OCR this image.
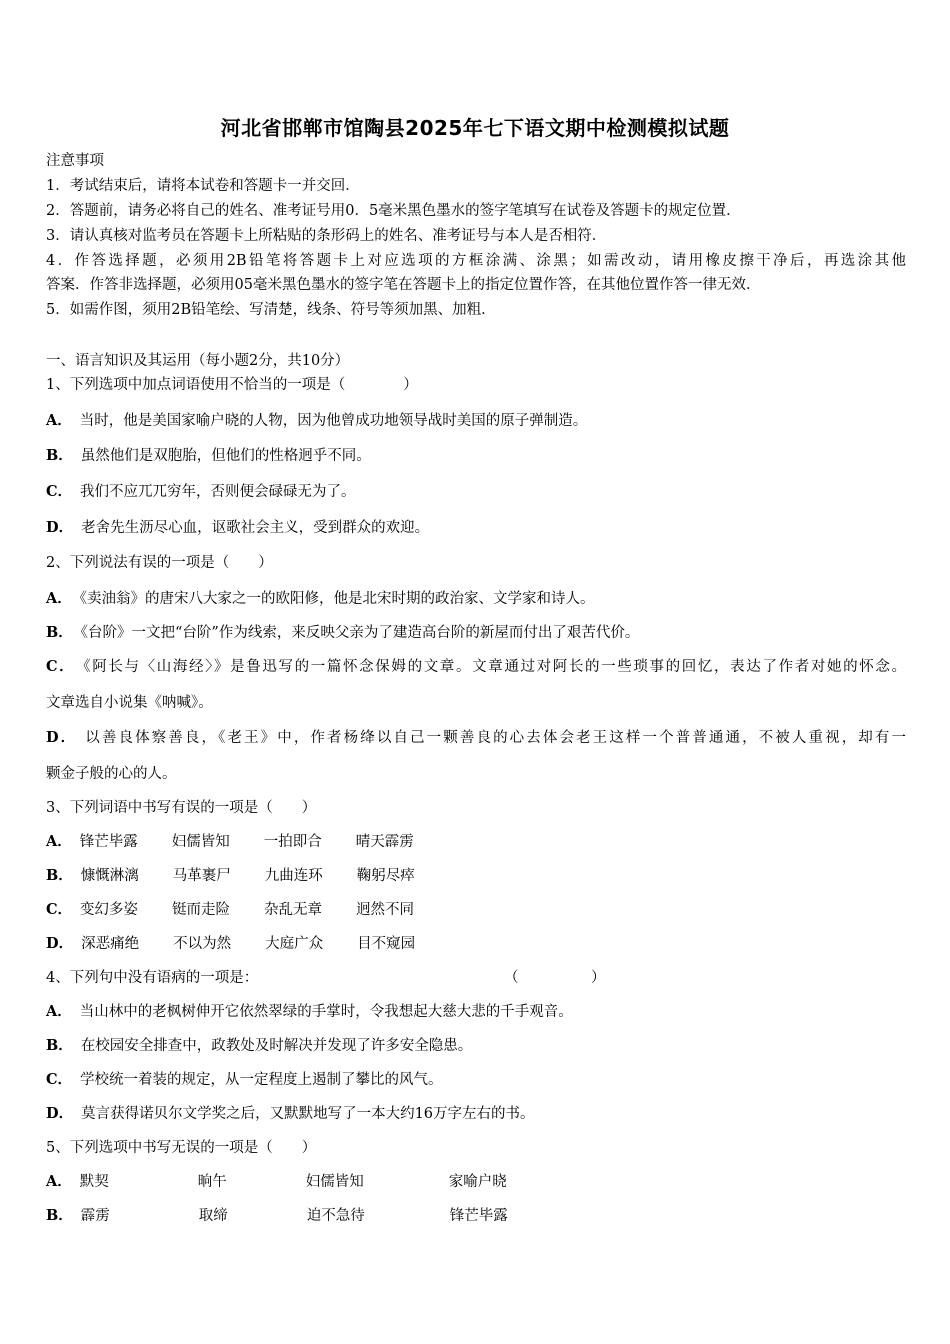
河北省邯郸市馆陶县2025年七下语文期中检测模拟试题
注意事项
1．考试结束后，请将本试卷和答题卡一并交回．
2．答题前，请务必将自己的姓名、准考证号用0．5毫米黑色墨水的签字笔填写在试卷及答题卡的规定位置．
3．请认真核对监考员在答题卡上所粘贴的条形码上的姓名、准考证号与本人是否相符．
4．作答选择题，必须用2B铅笔将答题卡上对应选项的方框涂满、涂黑；如需改动，请用橡皮擦干净后，再选涂其他
答案．作答非选择题，必须用05毫米黑色墨水的签字笔在答题卡上的指定位置作答，在其他位置作答一律无效．
5．如需作图，须用2B铅笔绘、写清楚，线条、符号等须加黑、加粗．
一、语言知识及其运用（每小题2分，共10分）
1、下列选项中加点词语使用不恰当的一项是（　　　　）
A． 当时，他是美国家喻户晓的人物，因为他曾成功地领导战时美国的原子弹制造。
B． 虽然他们是双胞胎，但他们的性格迥乎不同。
C． 我们不应兀兀穷年，否则便会碌碌无为了。
D． 老舍先生沥尽心血，讴歌社会主义，受到群众的欢迎。
2、下列说法有误的一项是（　　）
A． 《卖油翁》的唐宋八大家之一的欧阳修，他是北宋时期的政治家、文学家和诗人。
B． 《台阶》一文把“台阶”作为线索，来反映父亲为了建造高台阶的新屋而付出了艰苦代价。
C． 《阿长与〈山海经〉》是鲁迅写的一篇怀念保姆的文章。文章通过对阿长的一些琐事的回忆，表达了作者对她的怀念。
文章选自小说集《呐喊》。
D． 以善良体察善良，《老王》中，作者杨绛以自己一颗善良的心去体会老王这样一个普普通通，不被人重视，却有一
颗金子般的心的人。
3、下列词语中书写有误的一项是（　　）
A． 锋芒毕露 妇儒皆知 一拍即合 晴天霹雳
B． 慷慨淋漓 马革裹尸 九曲连环 鞠躬尽瘁
C． 变幻多姿 铤而走险 杂乱无章 迥然不同
D． 深恶痛绝 不以为然 大庭广众 目不窥园
4、下列句中没有语病的一项是：	（　　　　　）
A． 当山林中的老枫树伸开它依然翠绿的手掌时，令我想起大慈大悲的千手观音。
B． 在校园安全排查中，政教处及时解决并发现了许多安全隐患。
C． 学校统一着装的规定，从一定程度上遏制了攀比的风气。
D． 莫言获得诺贝尔文学奖之后，又默默地写了一本大约16万字左右的书。
5、下列选项中书写无误的一项是（　　）
A． 默契	晌午	妇儒皆知	家喻户晓
B． 霹雳	取缔	迫不急待	锋芒毕露
